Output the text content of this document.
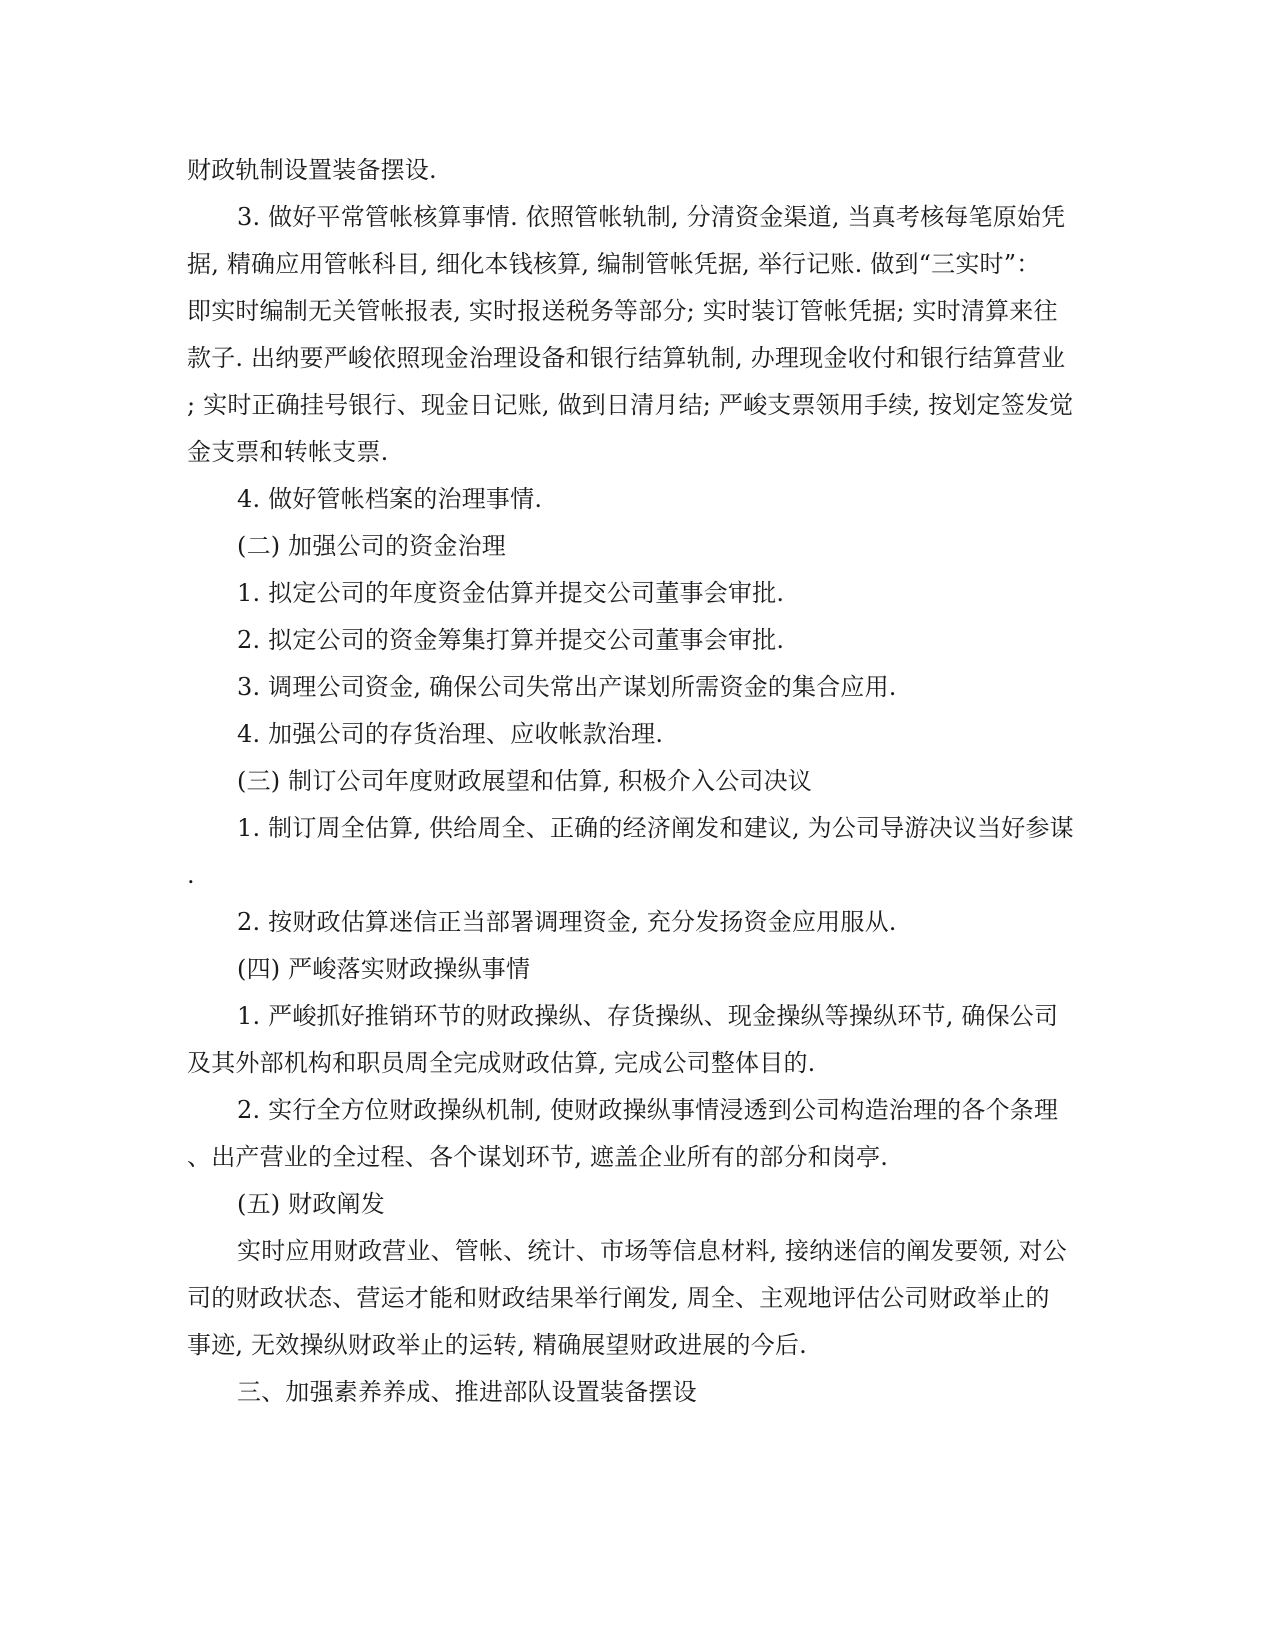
财政轨制设置装备摆设.
3. 做好平常管帐核算事情. 依照管帐轨制, 分清资金渠道, 当真考核每笔原始凭
据, 精确应用管帐科目, 细化本钱核算, 编制管帐凭据, 举行记账. 做到“三实时”：
即实时编制无关管帐报表, 实时报送税务等部分; 实时装订管帐凭据; 实时清算来往
款子. 出纳要严峻依照现金治理设备和银行结算轨制, 办理现金收付和银行结算营业
; 实时正确挂号银行、现金日记账, 做到日清月结; 严峻支票领用手续, 按划定签发觉
金支票和转帐支票.
4. 做好管帐档案的治理事情.
(二) 加强公司的资金治理
1. 拟定公司的年度资金估算并提交公司董事会审批.
2. 拟定公司的资金筹集打算并提交公司董事会审批.
3. 调理公司资金, 确保公司失常出产谋划所需资金的集合应用.
4. 加强公司的存货治理、应收帐款治理.
(三) 制订公司年度财政展望和估算, 积极介入公司决议
1. 制订周全估算, 供给周全、正确的经济阐发和建议, 为公司导游决议当好参谋
.
2. 按财政估算迷信正当部署调理资金, 充分发扬资金应用服从.
(四) 严峻落实财政操纵事情
1. 严峻抓好推销环节的财政操纵、存货操纵、现金操纵等操纵环节, 确保公司
及其外部机构和职员周全完成财政估算, 完成公司整体目的.
2. 实行全方位财政操纵机制, 使财政操纵事情浸透到公司构造治理的各个条理
、出产营业的全过程、各个谋划环节, 遮盖企业所有的部分和岗亭.
(五) 财政阐发
实时应用财政营业、管帐、统计、市场等信息材料, 接纳迷信的阐发要领, 对公
司的财政状态、营运才能和财政结果举行阐发, 周全、主观地评估公司财政举止的
事迹, 无效操纵财政举止的运转, 精确展望财政进展的今后.
三、加强素养养成、推进部队设置装备摆设
